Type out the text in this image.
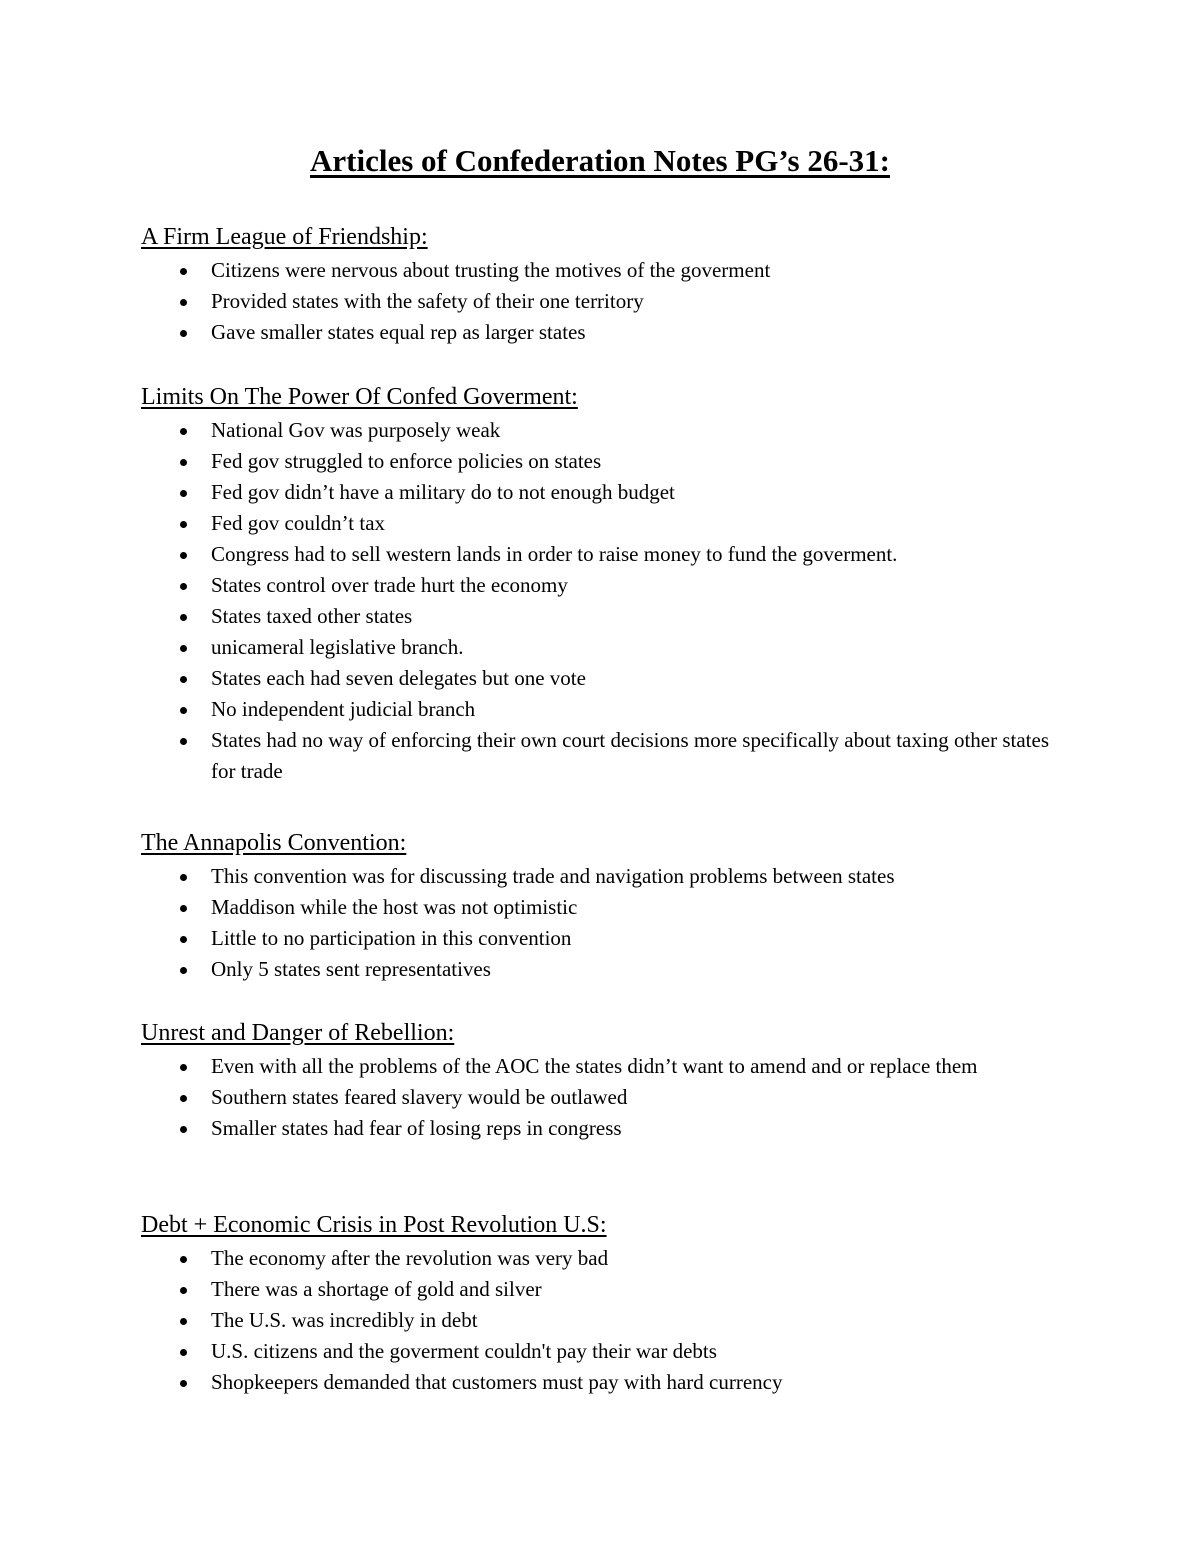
Articles of Confederation Notes PG’s 26-31:
A Firm League of Friendship:
Citizens were nervous about trusting the motives of the goverment
Provided states with the safety of their one territory
Gave smaller states equal rep as larger states
Limits On The Power Of Confed Goverment:
National Gov was purposely weak
Fed gov struggled to enforce policies on states
Fed gov didn’t have a military do to not enough budget
Fed gov couldn’t tax
Congress had to sell western lands in order to raise money to fund the goverment.
States control over trade hurt the economy
States taxed other states
unicameral legislative branch.
States each had seven delegates but one vote
No independent judicial branch
States had no way of enforcing their own court decisions more specifically about taxing other states for trade
The Annapolis Convention:
This convention was for discussing trade and navigation problems between states
Maddison while the host was not optimistic
Little to no participation in this convention
Only 5 states sent representatives
Unrest and Danger of Rebellion:
Even with all the problems of the AOC the states didn’t want to amend and or replace them
Southern states feared slavery would be outlawed
Smaller states had fear of losing reps in congress
Debt + Economic Crisis in Post Revolution U.S:
The economy after the revolution was very bad
There was a shortage of gold and silver
The U.S. was incredibly in debt
U.S. citizens and the goverment couldn't pay their war debts
Shopkeepers demanded that customers must pay with hard currency
